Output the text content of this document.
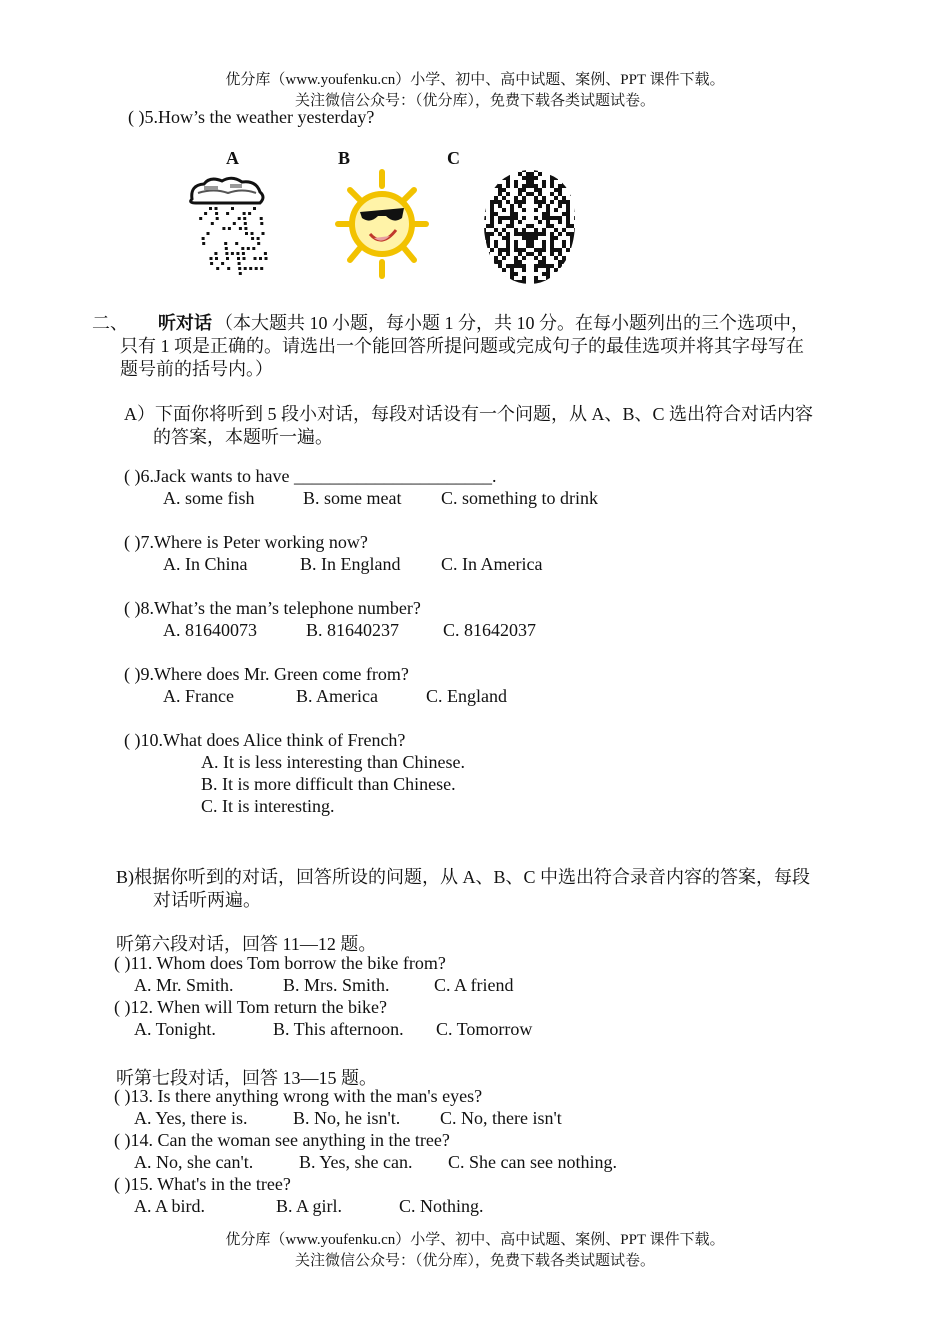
优分库（www.youfenku.cn）小学、初中、高中试题、案例、PPT 课件下载。
关注微信公众号：（优分库），免费下载各类试题试卷。
( )5.How’s the weather yesterday?
A	B	C
二、 听对话 （本大题共 10 小题，每小题 1 分，共 10 分。在每小题列出的三个选项中，
只有 1 项是正确的。请选出一个能回答所提问题或完成句子的最佳选项并将其字母写在
题号前的括号内。）
A）下面你将听到 5 段小对话，每段对话设有一个问题，从 A、B、C 选出符合对话内容
的答案，本题听一遍。
( )6.Jack wants to have ______________________.
A. some fish	B. some meat C. something to drink
( )7.Where is Peter working now?
A. In China	B. In England C. In America
( )8.What’s the man’s telephone number?
A. 81640073	B. 81640237 C. 81642037
( )9.Where does Mr. Green come from?
A. France	B. America	C. England
( )10.What does Alice think of French?
A. It is less interesting than Chinese.
B. It is more difficult than Chinese.
C. It is interesting.
B)根据你听到的对话，回答所设的问题，从 A、B、C 中选出符合录音内容的答案，每段
对话听两遍。
听第六段对话，回答 11—12 题。
( )11. Whom does Tom borrow the bike from?
A. Mr. Smith.	B. Mrs. Smith. C. A friend
( )12. When will Tom return the bike?
A. Tonight.	B. This afternoon. C. Tomorrow
听第七段对话，回答 13—15 题。
( )13. Is there anything wrong with the man's eyes?
A. Yes, there is.	B. No, he isn't. C. No, there isn't
( )14. Can the woman see anything in the tree?
A. No, she can't.	B. Yes, she can. C. She can see nothing.
( )15. What's in the tree?
A. A bird.	B. A girl.	C. Nothing.
优分库（www.youfenku.cn）小学、初中、高中试题、案例、PPT 课件下载。
关注微信公众号：（优分库），免费下载各类试题试卷。
